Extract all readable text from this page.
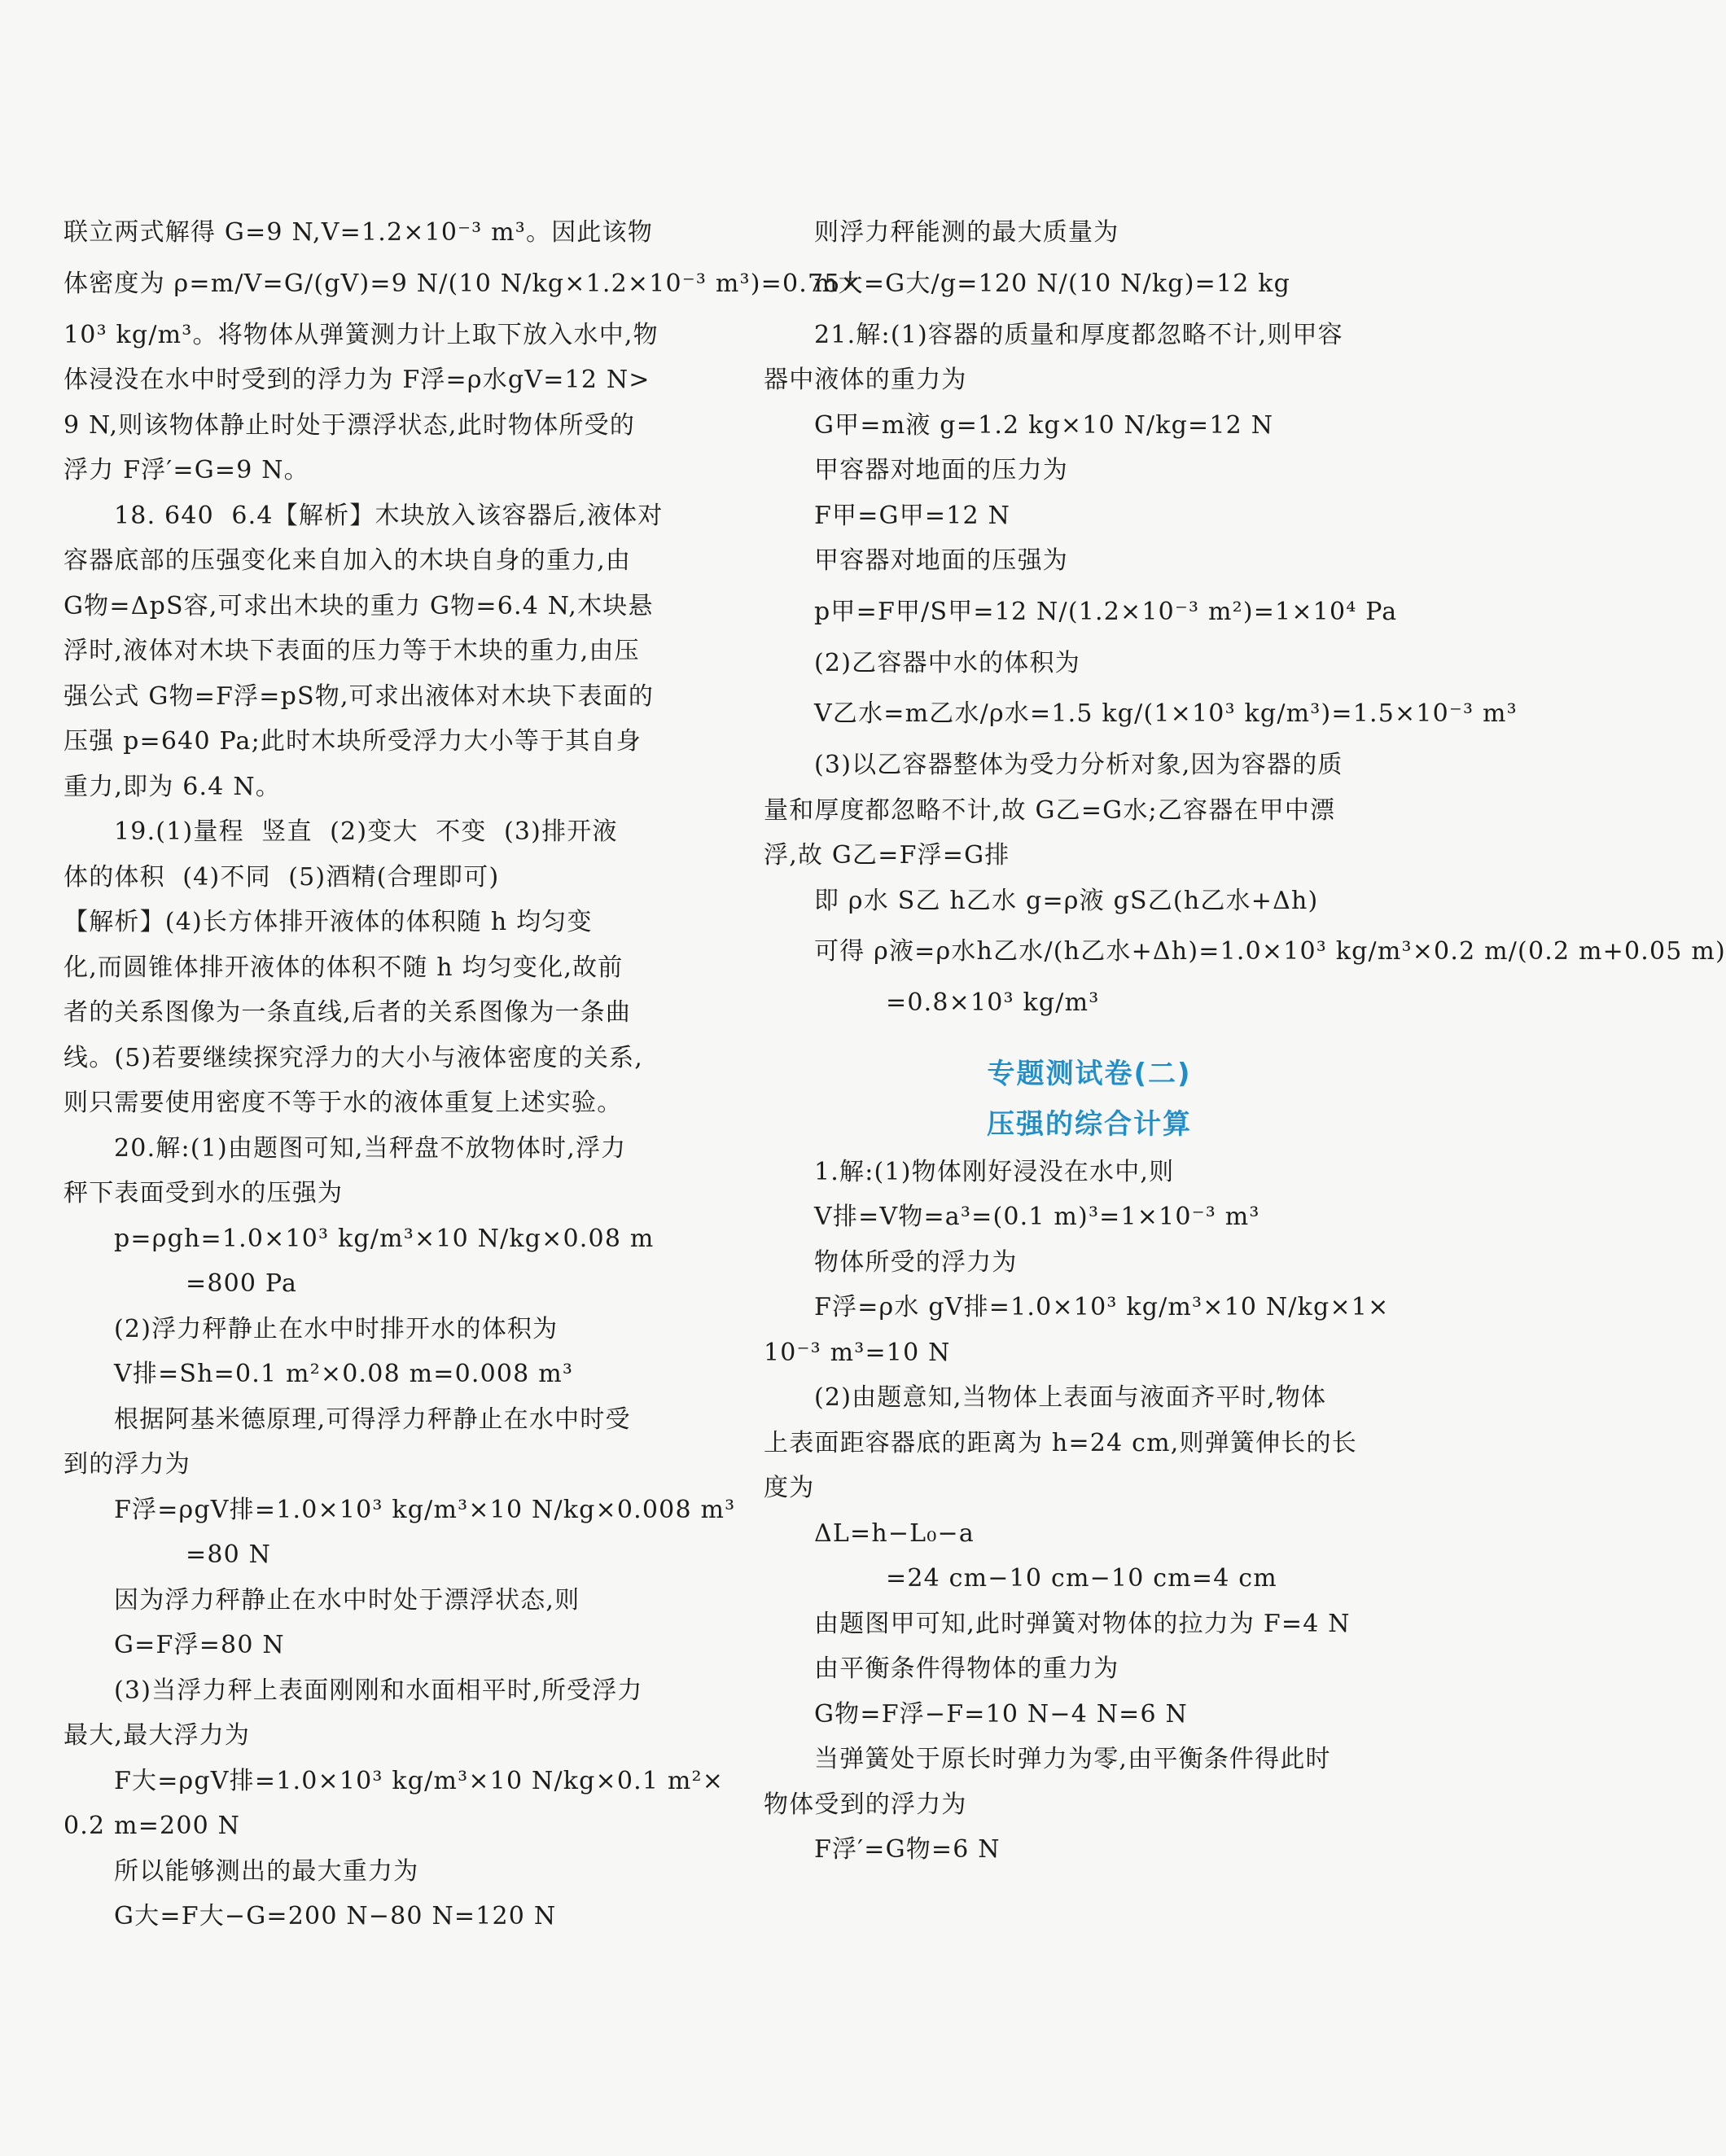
联立两式解得 G=9 N,V=1.2×10⁻³ m³。因此该物
体密度为 ρ=m/V=G/(gV)=9 N/(10 N/kg×1.2×10⁻³ m³)=0.75×
10³ kg/m³。将物体从弹簧测力计上取下放入水中,物
体浸没在水中时受到的浮力为 F浮=ρ水gV=12 N>
9 N,则该物体静止时处于漂浮状态,此时物体所受的
浮力 F浮′=G=9 N。
18. 640  6.4【解析】木块放入该容器后,液体对
容器底部的压强变化来自加入的木块自身的重力,由
G物=ΔpS容,可求出木块的重力 G物=6.4 N,木块悬
浮时,液体对木块下表面的压力等于木块的重力,由压
强公式 G物=F浮=pS物,可求出液体对木块下表面的
压强 p=640 Pa;此时木块所受浮力大小等于其自身
重力,即为 6.4 N。
19.(1)量程  竖直  (2)变大  不变  (3)排开液
体的体积  (4)不同  (5)酒精(合理即可)
【解析】(4)长方体排开液体的体积随 h 均匀变
化,而圆锥体排开液体的体积不随 h 均匀变化,故前
者的关系图像为一条直线,后者的关系图像为一条曲
线。(5)若要继续探究浮力的大小与液体密度的关系,
则只需要使用密度不等于水的液体重复上述实验。
20.解:(1)由题图可知,当秤盘不放物体时,浮力
秤下表面受到水的压强为
p=ρgh=1.0×10³ kg/m³×10 N/kg×0.08 m
=800 Pa
(2)浮力秤静止在水中时排开水的体积为
V排=Sh=0.1 m²×0.08 m=0.008 m³
根据阿基米德原理,可得浮力秤静止在水中时受
到的浮力为
F浮=ρgV排=1.0×10³ kg/m³×10 N/kg×0.008 m³
=80 N
因为浮力秤静止在水中时处于漂浮状态,则
G=F浮=80 N
(3)当浮力秤上表面刚刚和水面相平时,所受浮力
最大,最大浮力为
F大=ρgV排=1.0×10³ kg/m³×10 N/kg×0.1 m²×
0.2 m=200 N
所以能够测出的最大重力为
G大=F大−G=200 N−80 N=120 N
则浮力秤能测的最大质量为
m大=G大/g=120 N/(10 N/kg)=12 kg
21.解:(1)容器的质量和厚度都忽略不计,则甲容
器中液体的重力为
G甲=m液 g=1.2 kg×10 N/kg=12 N
甲容器对地面的压力为
F甲=G甲=12 N
甲容器对地面的压强为
p甲=F甲/S甲=12 N/(1.2×10⁻³ m²)=1×10⁴ Pa
(2)乙容器中水的体积为
V乙水=m乙水/ρ水=1.5 kg/(1×10³ kg/m³)=1.5×10⁻³ m³
(3)以乙容器整体为受力分析对象,因为容器的质
量和厚度都忽略不计,故 G乙=G水;乙容器在甲中漂
浮,故 G乙=F浮=G排
即 ρ水 S乙 h乙水 g=ρ液 gS乙(h乙水+Δh)
可得 ρ液=ρ水h乙水/(h乙水+Δh)=1.0×10³ kg/m³×0.2 m/(0.2 m+0.05 m)
=0.8×10³ kg/m³
专题测试卷(二)
压强的综合计算
1.解:(1)物体刚好浸没在水中,则
V排=V物=a³=(0.1 m)³=1×10⁻³ m³
物体所受的浮力为
F浮=ρ水 gV排=1.0×10³ kg/m³×10 N/kg×1×
10⁻³ m³=10 N
(2)由题意知,当物体上表面与液面齐平时,物体
上表面距容器底的距离为 h=24 cm,则弹簧伸长的长
度为
ΔL=h−L₀−a
=24 cm−10 cm−10 cm=4 cm
由题图甲可知,此时弹簧对物体的拉力为 F=4 N
由平衡条件得物体的重力为
G物=F浮−F=10 N−4 N=6 N
当弹簧处于原长时弹力为零,由平衡条件得此时
物体受到的浮力为
F浮′=G物=6 N
